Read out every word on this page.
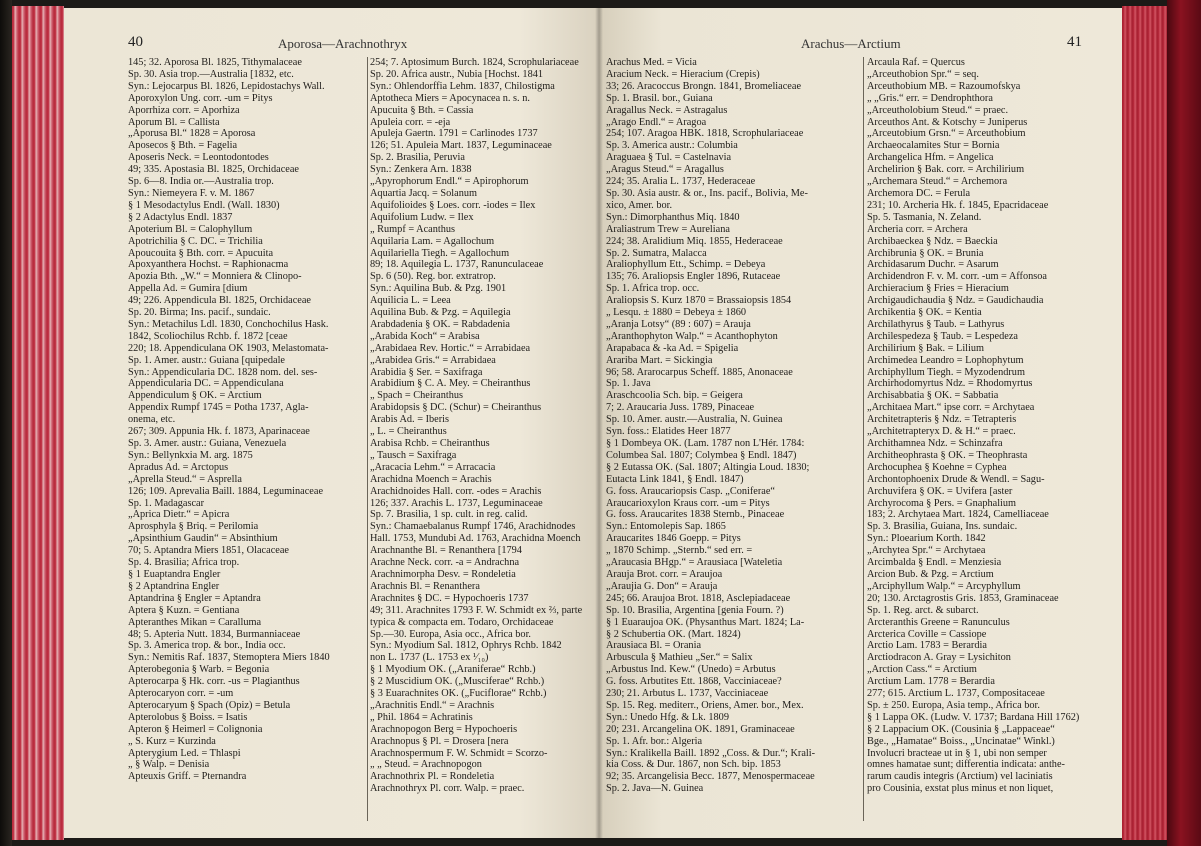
40	Aporosa—Arachnothryx
145; 32. Aporosa Bl. 1825, Tithymalaceae
Sp. 30. Asia trop.—Australia [1832, etc.
Syn.: Lejocarpus Bl. 1826, Lepidostachys Wall.
Aporoxylon Ung. corr. -um = Pitys
Aporrhiza corr. = Aporhiza
Aporum Bl. = Callista
„Aporusa Bl.“ 1828 = Aporosa
Aposecos § Bth. = Fagelia
Aposeris Neck. = Leontodontodes
49; 335. Apostasia Bl. 1825, Orchidaceae
Sp. 6—8. India or.—Australia trop.
Syn.: Niemeyera F. v. M. 1867
§ 1 Mesodactylus Endl. (Wall. 1830)
§ 2 Adactylus Endl. 1837
Apoterium Bl. = Calophyllum
Apotrichilia § C. DC. = Trichilia
Apoucouita § Bth. corr. = Apucuita
Apoxyanthera Hochst. = Raphionacma
Apozia Bth. „W.“ = Monniera & Clinopo-
Appella Ad. = Gumira [dium
49; 226. Appendicula Bl. 1825, Orchidaceae
Sp. 20. Birma; Ins. pacif., sundaic.
Syn.: Metachilus Ldl. 1830, Conchochilus Hask.
1842, Scoliochilus Rchb. f. 1872 [ceae
220; 18. Appendiculana OK 1903, Melastomata-
Sp. 1. Amer. austr.: Guiana [quipedale
Syn.: Appendicularia DC. 1828 nom. del. ses-
Appendicularia DC. = Appendiculana
Appendiculum § OK. = Arctium
Appendix Rumpf 1745 = Potha 1737, Agla-
onema, etc.
267; 309. Appunia Hk. f. 1873, Aparinaceae
Sp. 3. Amer. austr.: Guiana, Venezuela
Syn.: Bellynkxia M. arg. 1875
Apradus Ad. = Arctopus
„Aprella Steud.“ = Asprella
126; 109. Aprevalia Baill. 1884, Leguminaceae
Sp. 1. Madagascar
„Aprica Dietr.“ = Apicra
Aprosphyla § Briq. = Perilomia
„Apsinthium Gaudin“ = Absinthium
70; 5. Aptandra Miers 1851, Olacaceae
Sp. 4. Brasilia; Africa trop.
§ 1 Euaptandra Engler
§ 2 Aptandrina Engler
Aptandrina § Engler = Aptandra
Aptera § Kuzn. = Gentiana
Apteranthes Mikan = Caralluma
48; 5. Apteria Nutt. 1834, Burmanniaceae
Sp. 3. America trop. & bor., India occ.
Syn.: Nemitis Raf. 1837, Stemoptera Miers 1840
Apterobegonia § Warb. = Begonia
Apterocarpa § Hk. corr. -us = Plagianthus
Apterocaryon corr. = -um
Apterocaryum § Spach (Opiz) = Betula
Apterolobus § Boiss. = Isatis
Apteron § Heimerl = Colignonia
„ S. Kurz = Kurzinda
Apterygium Led. = Thlaspi
„ § Walp. = Denisia
Apteuxis Griff. = Pternandra
254; 7. Aptosimum Burch. 1824, Scrophulariaceae
Sp. 20. Africa austr., Nubia [Hochst. 1841
Syn.: Ohlendorffia Lehm. 1837, Chilostigma
Aptotheca Miers = Apocynacea n. s. n.
Apucuita § Bth. = Cassia
Apuleia corr. = -eja
Apuleja Gaertn. 1791 = Carlinodes 1737
126; 51. Apuleia Mart. 1837, Leguminaceae
Sp. 2. Brasilia, Peruvia
Syn.: Zenkera Arn. 1838
„Apyrophorum Endl.“ = Apirophorum
Aquartia Jacq. = Solanum
Aquifolioides § Loes. corr. -iodes = Ilex
Aquifolium Ludw. = Ilex
„ Rumpf = Acanthus
Aquilaria Lam. = Agallochum
Aquilariella Tiegh. = Agallochum
89; 18. Aquilegia L. 1737, Ranunculaceae
Sp. 6 (50). Reg. bor. extratrop.
Syn.: Aquilina Bub. & Pzg. 1901
Aquilicia L. = Leea
Aquilina Bub. & Pzg. = Aquilegia
Arabdadenia § OK. = Rabdadenia
„Arabida Koch“ = Arabisa
„Arabidaea Rev. Hortic.“ = Arrabidaea
„Arabidea Gris.“ = Arrabidaea
Arabidia § Ser. = Saxifraga
Arabidium § C. A. Mey. = Cheiranthus
„ Spach = Cheiranthus
Arabidopsis § DC. (Schur) = Cheiranthus
Arabis Ad. = Iberis
„ L. = Cheiranthus
Arabisa Rchb. = Cheiranthus
„ Tausch = Saxifraga
„Aracacia Lehm.“ = Arracacia
Arachidna Moench = Arachis
Arachidnoides Hall. corr. -odes = Arachis
126; 337. Arachis L. 1737, Leguminaceae
Sp. 7. Brasilia, 1 sp. cult. in reg. calid.
Syn.: Chamaebalanus Rumpf 1746, Arachidnodes
Hall. 1753, Mundubi Ad. 1763, Arachidna Moench
Arachnanthe Bl. = Renanthera [1794
Arachne Neck. corr. -a = Andrachna
Arachnimorpha Desv. = Rondeletia
Arachnis Bl. = Renanthera
Arachnites § DC. = Hypochoeris 1737
49; 311. Arachnites 1793 F. W. Schmidt ex ⅔, parte
typica & compacta em. Todaro, Orchidaceae
Sp.—30. Europa, Asia occ., Africa bor.
Syn.: Myodium Sal. 1812, Ophrys Rchb. 1842
non L. 1737 (L. 1753 ex ¹⁄₁₀)
§ 1 Myodium OK. („Araniferae“ Rchb.)
§ 2 Muscidium OK. („Musciferae“ Rchb.)
§ 3 Euarachnites OK. („Fuciflorae“ Rchb.)
„Arachnitis Endl.“ = Arachnis
„ Phil. 1864 = Achratinis
Arachnopogon Berg = Hypochoeris
Arachnopus § Pl. = Drosera [nera
Arachnospermum F. W. Schmidt = Scorzo-
„ „ Steud. = Arachnopogon
Arachnothrix Pl. = Rondeletia
Arachnothryx Pl. corr. Walp. = praec.
Arachus—Arctium	41
Arachus Med. = Vicia
Aracium Neck. = Hieracium (Crepis)
33; 26. Aracoccus Brongn. 1841, Bromeliaceae
Sp. 1. Brasil. bor., Guiana
Aragallus Neck. = Astragalus
„Arago Endl.“ = Aragoa
254; 107. Aragoa HBK. 1818, Scrophulariaceae
Sp. 3. America austr.: Columbia
Araguaea § Tul. = Castelnavia
„Aragus Steud.“ = Aragallus
224; 35. Aralia L. 1737, Hederaceae
Sp. 30. Asia austr. & or., Ins. pacif., Bolivia, Me-
xico, Amer. bor.
Syn.: Dimorphanthus Miq. 1840
Araliastrum Trew = Aureliana
224; 38. Aralidium Miq. 1855, Hederaceae
Sp. 2. Sumatra, Malacca
Araliophyllum Ett., Schimp. = Debeya
135; 76. Araliopsis Engler 1896, Rutaceae
Sp. 1. Africa trop. occ.
Araliopsis S. Kurz 1870 = Brassaiopsis 1854
„ Lesqu. ± 1880 = Debeya ± 1860
„Aranja Lotsy“ (89 : 607) = Arauja
„Aranthophyton Walp.“ = Acanthophyton
Arapabaca & -ka Ad. = Spigelia
Arariba Mart. = Sickingia
96; 58. Ararocarpus Scheff. 1885, Anonaceae
Sp. 1. Java
Araschcoolia Sch. bip. = Geigera
7; 2. Araucaria Juss. 1789, Pinaceae
Sp. 10. Amer. austr.—Australia, N. Guinea
Syn. foss.: Elatides Heer 1877
§ 1 Dombeya OK. (Lam. 1787 non L'Hér. 1784:
Columbea Sal. 1807; Colymbea § Endl. 1847)
§ 2 Eutassa OK. (Sal. 1807; Altingia Loud. 1830;
Eutacta Link 1841, § Endl. 1847)
G. foss. Araucariopsis Casp. „Coniferae“
Araucarioxylon Kraus corr. -um = Pitys
G. foss. Araucarites 1838 Sternb., Pinaceae
Syn.: Entomolepis Sap. 1865
Araucarites 1846 Goepp. = Pitys
„ 1870 Schimp. „Sternb.“ sed err. =
„Araucasia BHgp.“ = Arausiaca [Wateletia
Arauja Brot. corr. = Araujoa
„Araujia G. Don“ = Arauja
245; 66. Araujoa Brot. 1818, Asclepiadaceae
Sp. 10. Brasilia, Argentina [genia Fourn. ?)
§ 1 Euaraujoa OK. (Physanthus Mart. 1824; La-
§ 2 Schubertia OK. (Mart. 1824)
Arausiaca Bl. = Orania
Arbuscula § Mathieu „Ser.“ = Salix
„Arbustus Ind. Kew.“ (Unedo) = Arbutus
G. foss. Arbutites Ett. 1868, Vacciniaceae?
230; 21. Arbutus L. 1737, Vacciniaceae
Sp. 15. Reg. mediterr., Oriens, Amer. bor., Mex.
Syn.: Unedo Hfg. & Lk. 1809
20; 231. Arcangelina OK. 1891, Graminaceae
Sp. 1. Afr. bor.: Algeria
Syn.: Kralikella Baill. 1892 „Coss. & Dur.“; Krali-
kia Coss. & Dur. 1867, non Sch. bip. 1853
92; 35. Arcangelisia Becc. 1877, Menospermaceae
Sp. 2. Java—N. Guinea
Arcaula Raf. = Quercus
„Arceuthobion Spr.“ = seq.
Arceuthobium MB. = Razoumofskya
„ „Gris.“ err. = Dendrophthora
„Arceutholobium Steud.“ = praec.
Arceuthos Ant. & Kotschy = Juniperus
„Arceutobium Grsn.“ = Arceuthobium
Archaeocalamites Stur = Bornia
Archangelica Hfm. = Angelica
Archelirion § Bak. corr. = Archilirium
„Archemara Steud.“ = Archemora
Archemora DC. = Ferula
231; 10. Archeria Hk. f. 1845, Epacridaceae
Sp. 5. Tasmania, N. Zeland.
Archeria corr. = Archera
Archibaeckea § Ndz. = Baeckia
Archibrunia § OK. = Brunia
Archidasarum Duchr. = Asarum
Archidendron F. v. M. corr. -um = Affonsoa
Archieracium § Fries = Hieracium
Archigaudichaudia § Ndz. = Gaudichaudia
Archikentia § OK. = Kentia
Archilathyrus § Taub. = Lathyrus
Archilespedeza § Taub. = Lespedeza
Archilirium § Bak. = Lilium
Archimedea Leandro = Lophophytum
Archiphyllum Tiegh. = Myzodendrum
Archirhodomyrtus Ndz. = Rhodomyrtus
Archisabbatia § OK. = Sabbatia
„Architaea Mart.“ ipse corr. = Archytaea
Architetrapteris § Ndz. = Tetrapteris
„Architetrapteryx D. & H.“ = praec.
Archithamnea Ndz. = Schinzafra
Architheophrasta § OK. = Theophrasta
Archocuphea § Koehne = Cyphea
Archontophoenix Drude & Wendl. = Sagu-
Archuvifera § OK. = Uvifera [aster
Archyrocoma § Pers. = Gnaphalium
183; 2. Archytaea Mart. 1824, Camelliaceae
Sp. 3. Brasilia, Guiana, Ins. sundaic.
Syn.: Ploearium Korth. 1842
„Archytea Spr.“ = Archytaea
Arcimbalda § Endl. = Menziesia
Arcion Bub. & Pzg. = Arctium
„Arciphyllum Walp.“ = Arcyphyllum
20; 130. Arctagrostis Gris. 1853, Graminaceae
Sp. 1. Reg. arct. & subarct.
Arcteranthis Greene = Ranunculus
Arcterica Coville = Cassiope
Arctio Lam. 1783 = Berardia
Arctiodracon A. Gray = Lysichiton
„Arction Cass.“ = Arctium
Arctium Lam. 1778 = Berardia
277; 615. Arctium L. 1737, Compositaceae
Sp. ± 250. Europa, Asia temp., Africa bor.
§ 1 Lappa OK. (Ludw. V. 1737; Bardana Hill 1762)
§ 2 Lappacium OK. (Cousinia § „Lappaceae“
Bge., „Hamatae“ Boiss., „Uncinatae“ Winkl.)
Involucri bracteae ut in § 1, ubi non semper
omnes hamatae sunt; differentia indicata: anthe-
rarum caudis integris (Arctium) vel laciniatis
pro Cousinia, exstat plus minus et non liquet,
